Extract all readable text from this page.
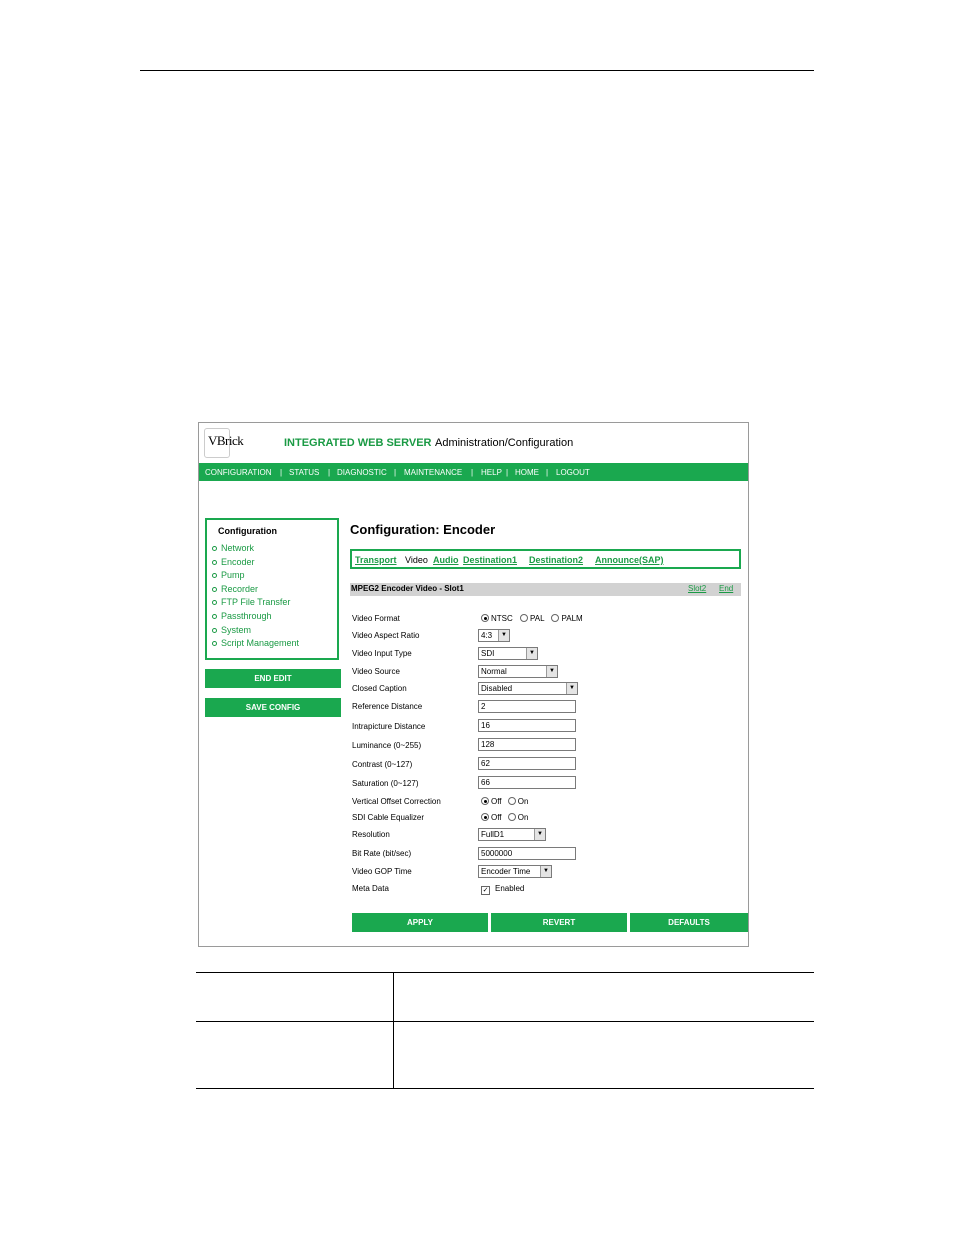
VBrick	INTEGRATED WEB SERVER Administration/Configuration
CONFIGURATION | STATUS | DIAGNOSTIC | MAINTENANCE | HELP | HOME | LOGOUT
Configuration
Network
Encoder
Pump
Recorder
FTP File Transfer
Passthrough
System
Script Management
END EDIT
SAVE CONFIG
Configuration: Encoder
Transport Video Audio Destination1 Destination2 Announce(SAP)
MPEG2 Encoder Video - Slot1	Slot2 End
Video Format	NTSC PAL PALM
Video Aspect Ratio	4:3	▼
Video Input Type	SDI	▼
Video Source	Normal	▼
Closed Caption	Disabled	▼
Reference Distance	2
Intrapicture Distance	16
Luminance (0~255)	128
Contrast (0~127)	62
Saturation (0~127)	66
Vertical Offset Correction	Off On
SDI Cable Equalizer	Off On
Resolution	FullD1	▼
Bit Rate (bit/sec)	5000000
Video GOP Time	Encoder Time	▼
Meta Data	✓ Enabled
APPLY	REVERT	DEFAULTS
